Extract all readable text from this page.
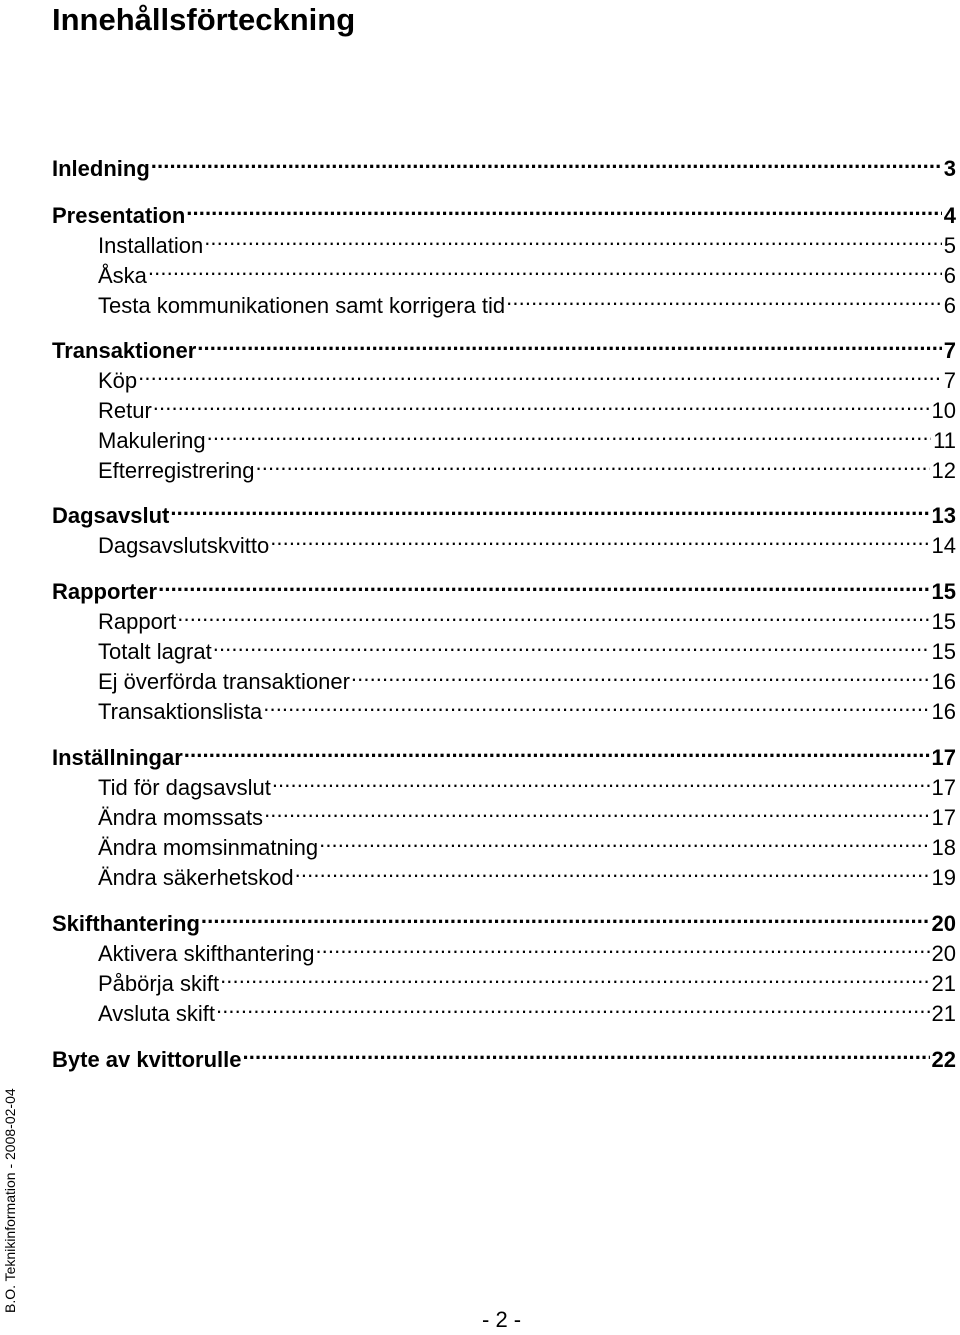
Innehållsförteckning
Inledning . . .	3
Presentation . . .	4
Installation . . .	5
Åska . . .	6
Testa kommunikationen samt korrigera tid . . .	6
Transaktioner . . .	7
Köp . . .	7
Retur . . .	10
Makulering . . .	11
Efterregistrering . . .	12
Dagsavslut . . .	13
Dagsavslutskvitto . . .	14
Rapporter . . .	15
Rapport . . .	15
Totalt lagrat . . .	15
Ej överförda transaktioner . . .	16
Transaktionslista . . .	16
Inställningar . . .	17
Tid för dagsavslut . . .	17
Ändra momssats . . .	17
Ändra momsinmatning . . .	18
Ändra säkerhetskod . . .	19
Skifthantering . . .	20
Aktivera skifthantering . . .	20
Påbörja skift . . .	21
Avsluta skift . . .	21
Byte av kvittorulle . . .	22
B.O. Teknikinformation - 2008-02-04
- 2 -
